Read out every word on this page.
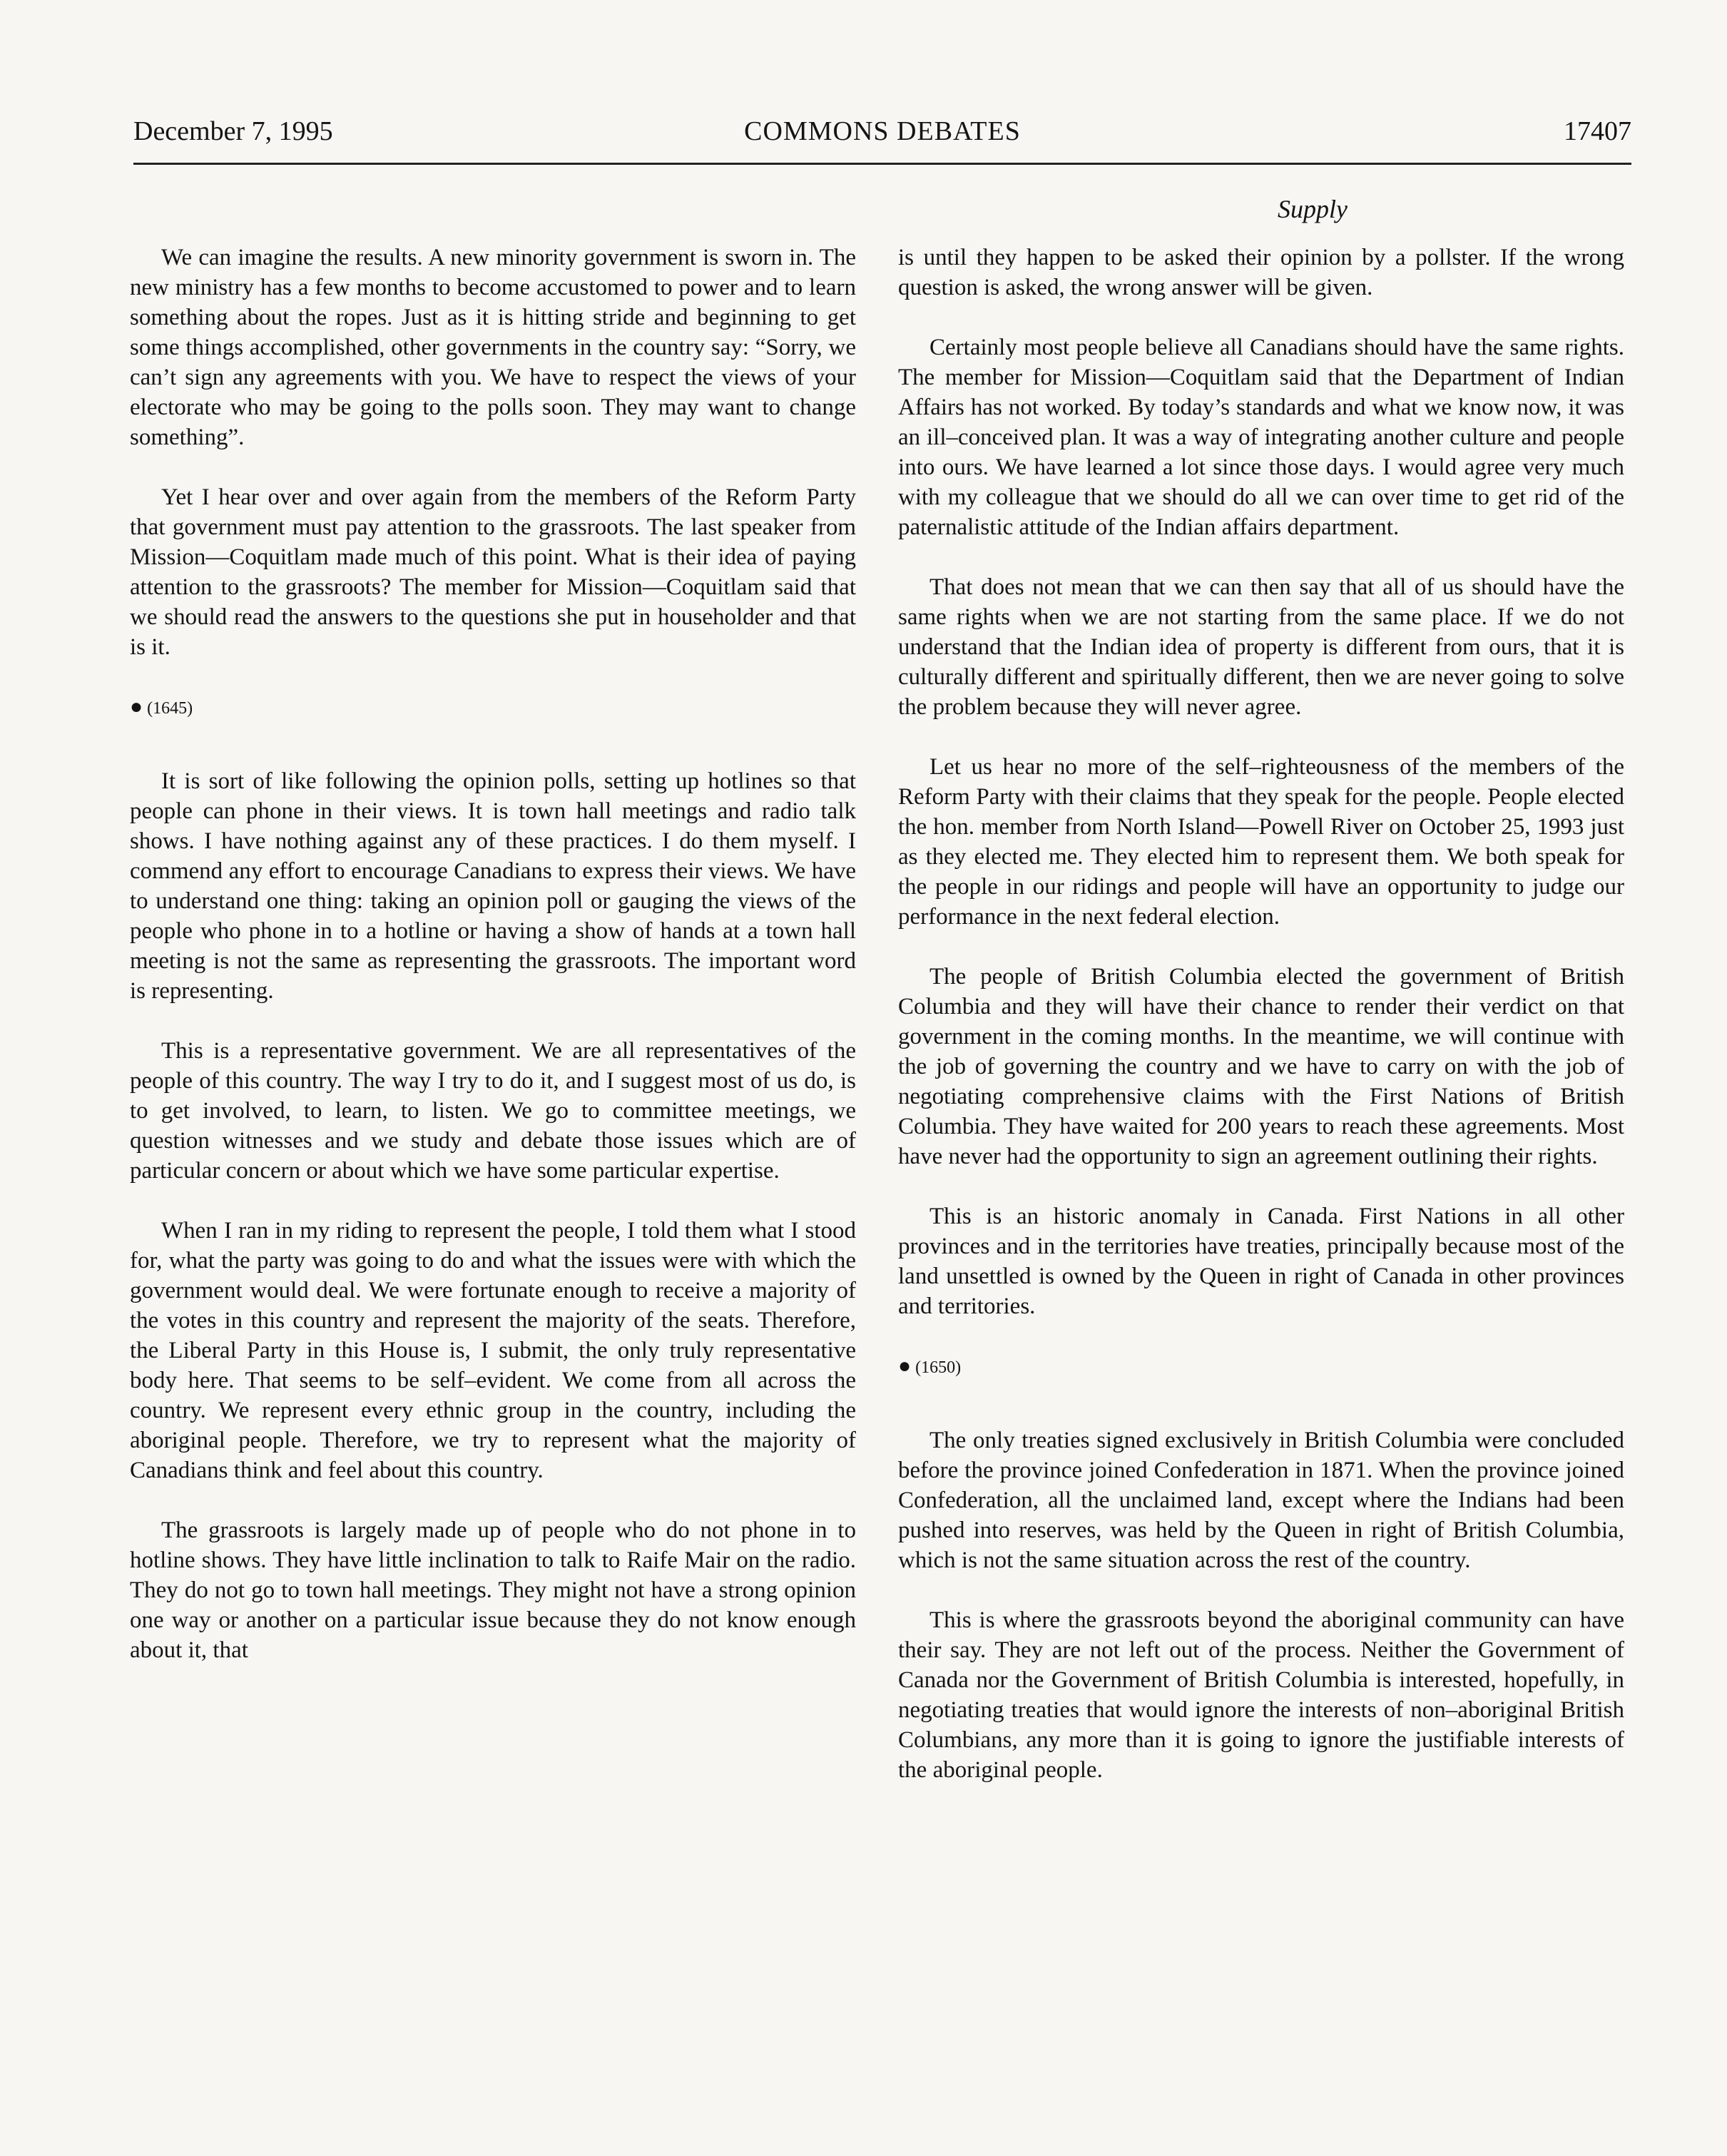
December 7, 1995	COMMONS DEBATES	17407
Supply

We can imagine the results. A new minority government is sworn in. The new ministry has a few months to become accustomed to power and to learn something about the ropes. Just as it is hitting stride and beginning to get some things accomplished, other governments in the country say: “Sorry, we can’t sign any agreements with you. We have to respect the views of your electorate who may be going to the polls soon. They may want to change something”.

Yet I hear over and over again from the members of the Reform Party that government must pay attention to the grassroots. The last speaker from Mission—Coquitlam made much of this point. What is their idea of paying attention to the grassroots? The member for Mission—Coquitlam said that we should read the answers to the questions she put in householder and that is it.

● (1645)

It is sort of like following the opinion polls, setting up hotlines so that people can phone in their views. It is town hall meetings and radio talk shows. I have nothing against any of these practices. I do them myself. I commend any effort to encourage Canadians to express their views. We have to understand one thing: taking an opinion poll or gauging the views of the people who phone in to a hotline or having a show of hands at a town hall meeting is not the same as representing the grassroots. The important word is representing.

This is a representative government. We are all representatives of the people of this country. The way I try to do it, and I suggest most of us do, is to get involved, to learn, to listen. We go to committee meetings, we question witnesses and we study and debate those issues which are of particular concern or about which we have some particular expertise.

When I ran in my riding to represent the people, I told them what I stood for, what the party was going to do and what the issues were with which the government would deal. We were fortunate enough to receive a majority of the votes in this country and represent the majority of the seats. Therefore, the Liberal Party in this House is, I submit, the only truly representative body here. That seems to be self–evident. We come from all across the country. We represent every ethnic group in the country, including the aboriginal people. Therefore, we try to represent what the majority of Canadians think and feel about this country.

The grassroots is largely made up of people who do not phone in to hotline shows. They have little inclination to talk to Raife Mair on the radio. They do not go to town hall meetings. They might not have a strong opinion one way or another on a particular issue because they do not know enough about it, that

is until they happen to be asked their opinion by a pollster. If the wrong question is asked, the wrong answer will be given.

Certainly most people believe all Canadians should have the same rights. The member for Mission—Coquitlam said that the Department of Indian Affairs has not worked. By today’s standards and what we know now, it was an ill–conceived plan. It was a way of integrating another culture and people into ours. We have learned a lot since those days. I would agree very much with my colleague that we should do all we can over time to get rid of the paternalistic attitude of the Indian affairs department.

That does not mean that we can then say that all of us should have the same rights when we are not starting from the same place. If we do not understand that the Indian idea of property is different from ours, that it is culturally different and spiritually different, then we are never going to solve the problem because they will never agree.

Let us hear no more of the self–righteousness of the members of the Reform Party with their claims that they speak for the people. People elected the hon. member from North Island—Powell River on October 25, 1993 just as they elected me. They elected him to represent them. We both speak for the people in our ridings and people will have an opportunity to judge our performance in the next federal election.

The people of British Columbia elected the government of British Columbia and they will have their chance to render their verdict on that government in the coming months. In the meantime, we will continue with the job of governing the country and we have to carry on with the job of negotiating comprehensive claims with the First Nations of British Columbia. They have waited for 200 years to reach these agreements. Most have never had the opportunity to sign an agreement outlining their rights.

This is an historic anomaly in Canada. First Nations in all other provinces and in the territories have treaties, principally because most of the land unsettled is owned by the Queen in right of Canada in other provinces and territories.

● (1650)

The only treaties signed exclusively in British Columbia were concluded before the province joined Confederation in 1871. When the province joined Confederation, all the unclaimed land, except where the Indians had been pushed into reserves, was held by the Queen in right of British Columbia, which is not the same situation across the rest of the country.

This is where the grassroots beyond the aboriginal community can have their say. They are not left out of the process. Neither the Government of Canada nor the Government of British Columbia is interested, hopefully, in negotiating treaties that would ignore the interests of non–aboriginal British Columbians, any more than it is going to ignore the justifiable interests of the aboriginal people.
